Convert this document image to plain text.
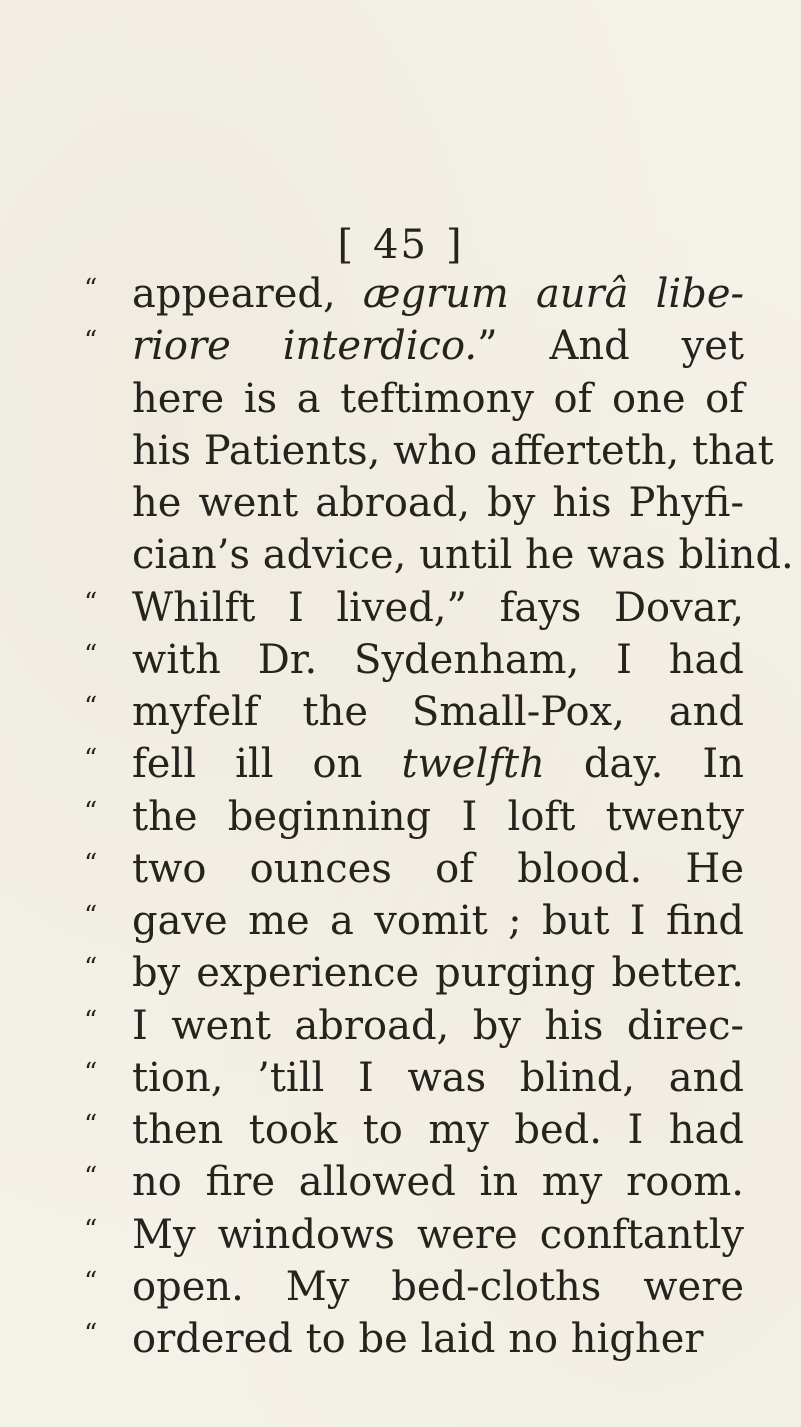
[ 45 ]
“ appeared, ægrum aurâ libe-
“ riore interdico.” And yet
here is a teftimony of one of
his Patients, who afferteth, that
he went abroad, by his Phyfi-
cian’s advice, until he was blind.
“ Whilft I lived,” fays Dovar,
“ with Dr. Sydenham, I had
“ myfelf the Small-Pox, and
“ fell ill on twelfth day. In
“ the beginning I loft twenty
“ two ounces of blood. He
“ gave me a vomit ; but I find
“ by experience purging better.
“ I went abroad, by his direc-
“ tion, ’till I was blind, and
“ then took to my bed. I had
“ no fire allowed in my room.
“ My windows were conftantly
“ open. My bed-cloths were
“ ordered to be laid no higher
